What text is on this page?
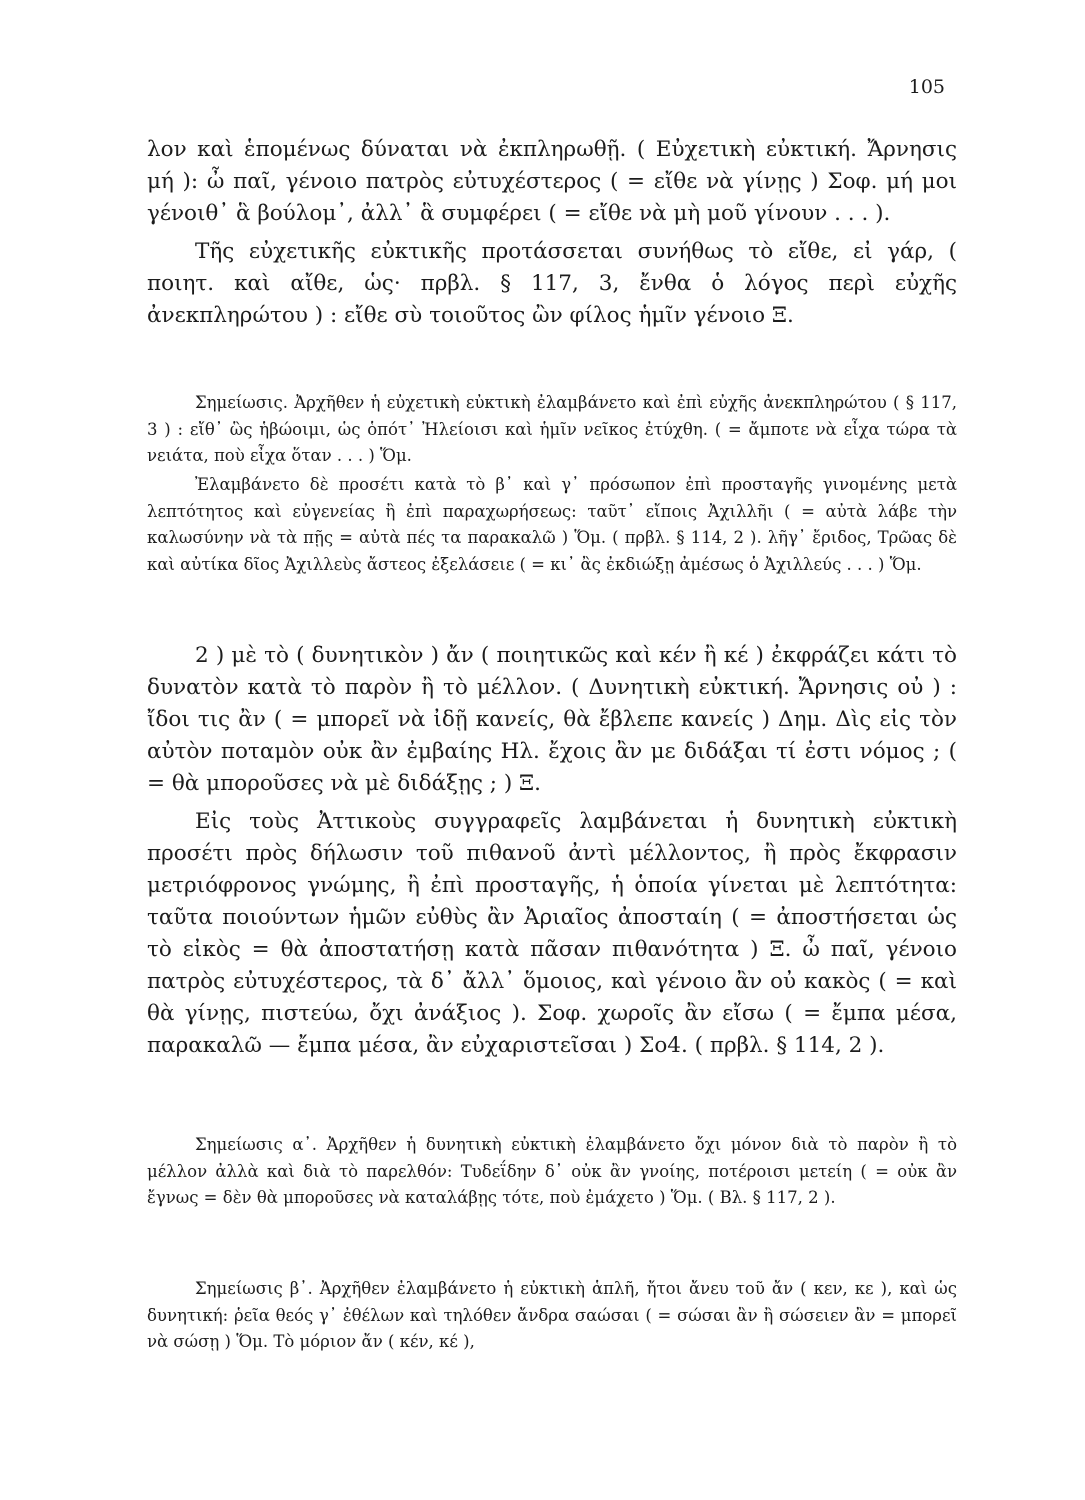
105

λον καὶ ἑπομένως δύναται νὰ ἐκπληρωθῇ. ( Εὐχετικὴ εὐκτική. Ἄρνησις μή ): ὦ παῖ, γένοιο πατρὸς εὐτυχέστερος ( = εἴθε νὰ γίνῃς ) Σοφ. μή μοι γένοιθ᾽ ἃ βούλομ᾽, ἀλλ᾽ ἃ συμφέρει ( = εἴθε νὰ μὴ μοῦ γίνουν . . . ).

Τῆς εὐχετικῆς εὐκτικῆς προτάσσεται συνήθως τὸ εἴθε, εἰ γάρ, ( ποιητ. καὶ αἴθε, ὡς· πρβλ. § 117, 3, ἔνθα ὁ λόγος περὶ εὐχῆς ἀνεκπληρώτου ) : εἴθε σὺ τοιοῦτος ὢν φίλος ἡμῖν γένοιο Ξ.

Σημείωσις. Ἀρχῆθεν ἡ εὐχετικὴ εὐκτικὴ ἐλαμβάνετο καὶ ἐπὶ εὐχῆς ἀνεκπληρώτου ( § 117, 3 ) : εἴθ᾽ ὣς ἡβώοιμι, ὡς ὁπότ᾽ Ἠλείοισι καὶ ἡμῖν νεῖκος ἐτύχθη. ( = ἄμποτε νὰ εἶχα τώρα τὰ νειάτα, ποὺ εἶχα ὅταν . . . ) Ὅμ.

Ἐλαμβάνετο δὲ προσέτι κατὰ τὸ β᾽ καὶ γ᾽ πρόσωπον ἐπὶ προσταγῆς γινομένης μετὰ λεπτότητος καὶ εὐγενείας ἢ ἐπὶ παραχωρήσεως: ταῦτ᾽ εἴποις Ἀχιλλῆι ( = αὐτὰ λάβε τὴν καλωσύνην νὰ τὰ πῇς = αὐτὰ πές τα παρακαλῶ ) Ὅμ. ( πρβλ. § 114, 2 ). λῆγ᾽ ἔριδος, Τρῶας δὲ καὶ αὐτίκα δῖος Ἀχιλλεὺς ἄστεος ἐξελάσειε ( = κι᾽ ἂς ἐκδιώξῃ ἀμέσως ὁ Ἀχιλλεύς . . . ) Ὅμ.

2 ) μὲ τὸ ( δυνητικὸν ) ἄν ( ποιητικῶς καὶ κέν ἢ κέ ) ἐκφράζει κάτι τὸ δυνατὸν κατὰ τὸ παρὸν ἢ τὸ μέλλον. ( Δυνητικὴ εὐκτική. Ἄρνησις οὐ ) : ἴδοι τις ἂν ( = μπορεῖ νὰ ἰδῇ κανείς, θὰ ἔβλεπε κανείς ) Δημ. Δὶς εἰς τὸν αὐτὸν ποταμὸν οὐκ ἂν ἐμβαίης Ηλ. ἔχοις ἂν με διδάξαι τί ἐστι νόμος ; ( = θὰ μποροῦσες νὰ μὲ διδάξῃς ; ) Ξ.

Εἰς τοὺς Ἀττικοὺς συγγραφεῖς λαμβάνεται ἡ δυνητικὴ εὐκτικὴ προσέτι πρὸς δήλωσιν τοῦ πιθανοῦ ἀντὶ μέλλοντος, ἢ πρὸς ἔκφρασιν μετριόφρονος γνώμης, ἢ ἐπὶ προσταγῆς, ἡ ὁποία γίνεται μὲ λεπτότητα: ταῦτα ποιούντων ἡμῶν εὐθὺς ἂν Ἀριαῖος ἀποσταίη ( = ἀποστήσεται ὡς τὸ εἰκὸς = θὰ ἀποστατήσῃ κατὰ πᾶσαν πιθανότητα ) Ξ. ὦ παῖ, γένοιο πατρὸς εὐτυχέστερος, τὰ δ᾽ ἄλλ᾽ ὅμοιος, καὶ γένοιο ἂν οὐ κακὸς ( = καὶ θὰ γίνῃς, πιστεύω, ὄχι ἀνάξιος ). Σοφ. χωροῖς ἂν εἴσω ( = ἔμπα μέσα, παρακαλῶ — ἔμπα μέσα, ἂν εὐχαριστεῖσαι ) Σο4. ( πρβλ. § 114, 2 ).

Σημείωσις α᾽. Ἀρχῆθεν ἡ δυνητικὴ εὐκτικὴ ἐλαμβάνετο ὄχι μόνον διὰ τὸ παρὸν ἢ τὸ μέλλον ἀλλὰ καὶ διὰ τὸ παρελθόν: Τυδεΐδην δ᾽ οὐκ ἂν γνοίης, ποτέροισι μετείη ( = οὐκ ἂν ἔγνως = δὲν θὰ μποροῦσες νὰ καταλάβῃς τότε, ποὺ ἐμάχετο ) Ὅμ. ( Βλ. § 117, 2 ).

Σημείωσις β᾽. Ἀρχῆθεν ἐλαμβάνετο ἡ εὐκτικὴ ἁπλῆ, ἤτοι ἄνευ τοῦ ἄν ( κεν, κε ), καὶ ὡς δυνητική: ῥεῖα θεός γ᾽ ἐθέλων καὶ τηλόθεν ἄνδρα σαώσαι ( = σώσαι ἂν ἢ σώσειεν ἂν = μπορεῖ νὰ σώσῃ ) Ὅμ. Τὸ μόριον ἄν ( κέν, κέ ),
